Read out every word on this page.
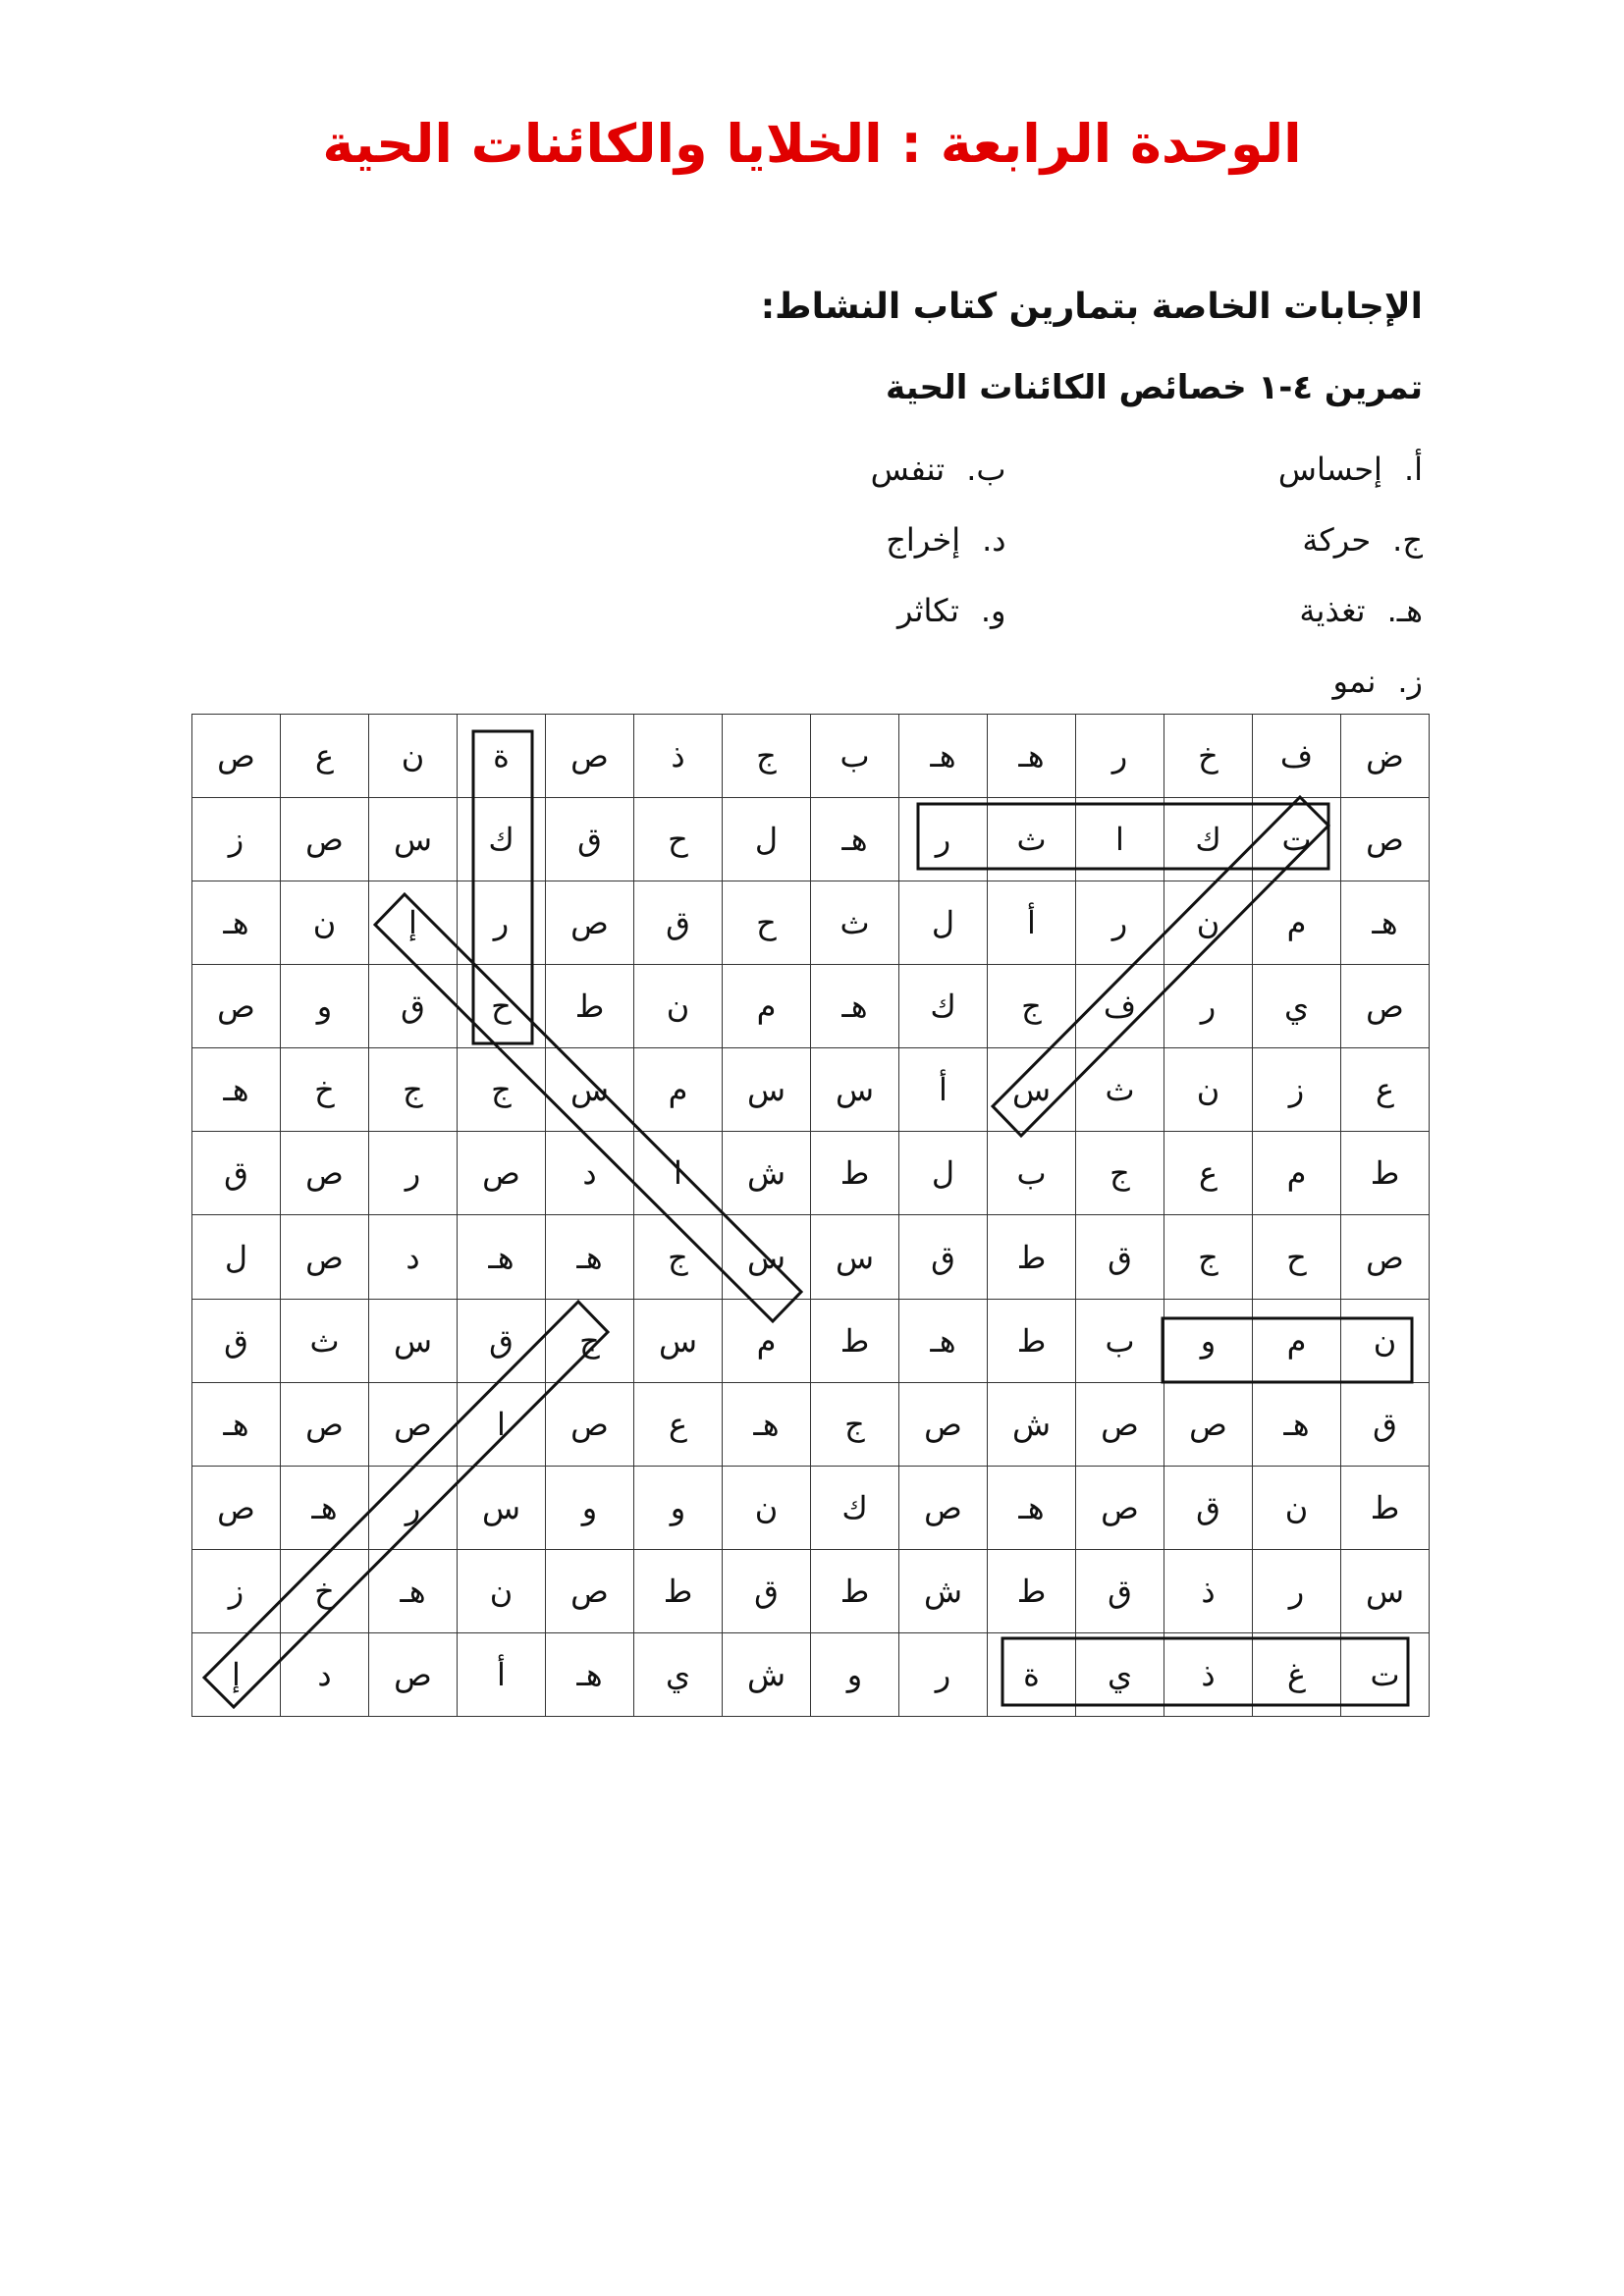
الوحدة الرابعة : الخلايا والكائنات الحية
الإجابات الخاصة بتمارين كتاب النشاط:
تمرين ٤-١ خصائص الكائنات الحية
أ.إحساس
ب.تنفس
ج.حركة
د.إخراج
هـ.تغذية
و.تكاثر
ز.نمو
ض	ف	خ	ر	هـ	هـ	ب	ج	ذ	ص	ة	ن	ع	ص
ص	ت	ك	ا	ث	ر	هـ	ل	ح	ق	ك	س	ص	ز
هـ	م	ن	ر	أ	ل	ث	ح	ق	ص	ر	إ	ن	هـ
ص	ي	ر	ف	ج	ك	هـ	م	ن	ط	ح	ق	و	ص
ع	ز	ن	ث	س	أ	س	س	م	س	ج	ج	خ	هـ
ط	م	ع	ج	ب	ل	ط	ش	ا	د	ص	ر	ص	ق
ص	ح	ج	ق	ط	ق	س	س	ج	هـ	هـ	د	ص	ل
ن	م	و	ب	ط	هـ	ط	م	س	ج	ق	س	ث	ق
ق	هـ	ص	ص	ش	ص	ج	هـ	ع	ص	ا	ص	ص	هـ
ط	ن	ق	ص	هـ	ص	ك	ن	و	و	س	ر	هـ	ص
س	ر	ذ	ق	ط	ش	ط	ق	ط	ص	ن	هـ	خ	ز
ت	غ	ذ	ي	ة	ر	و	ش	ي	هـ	أ	ص	د	إ
